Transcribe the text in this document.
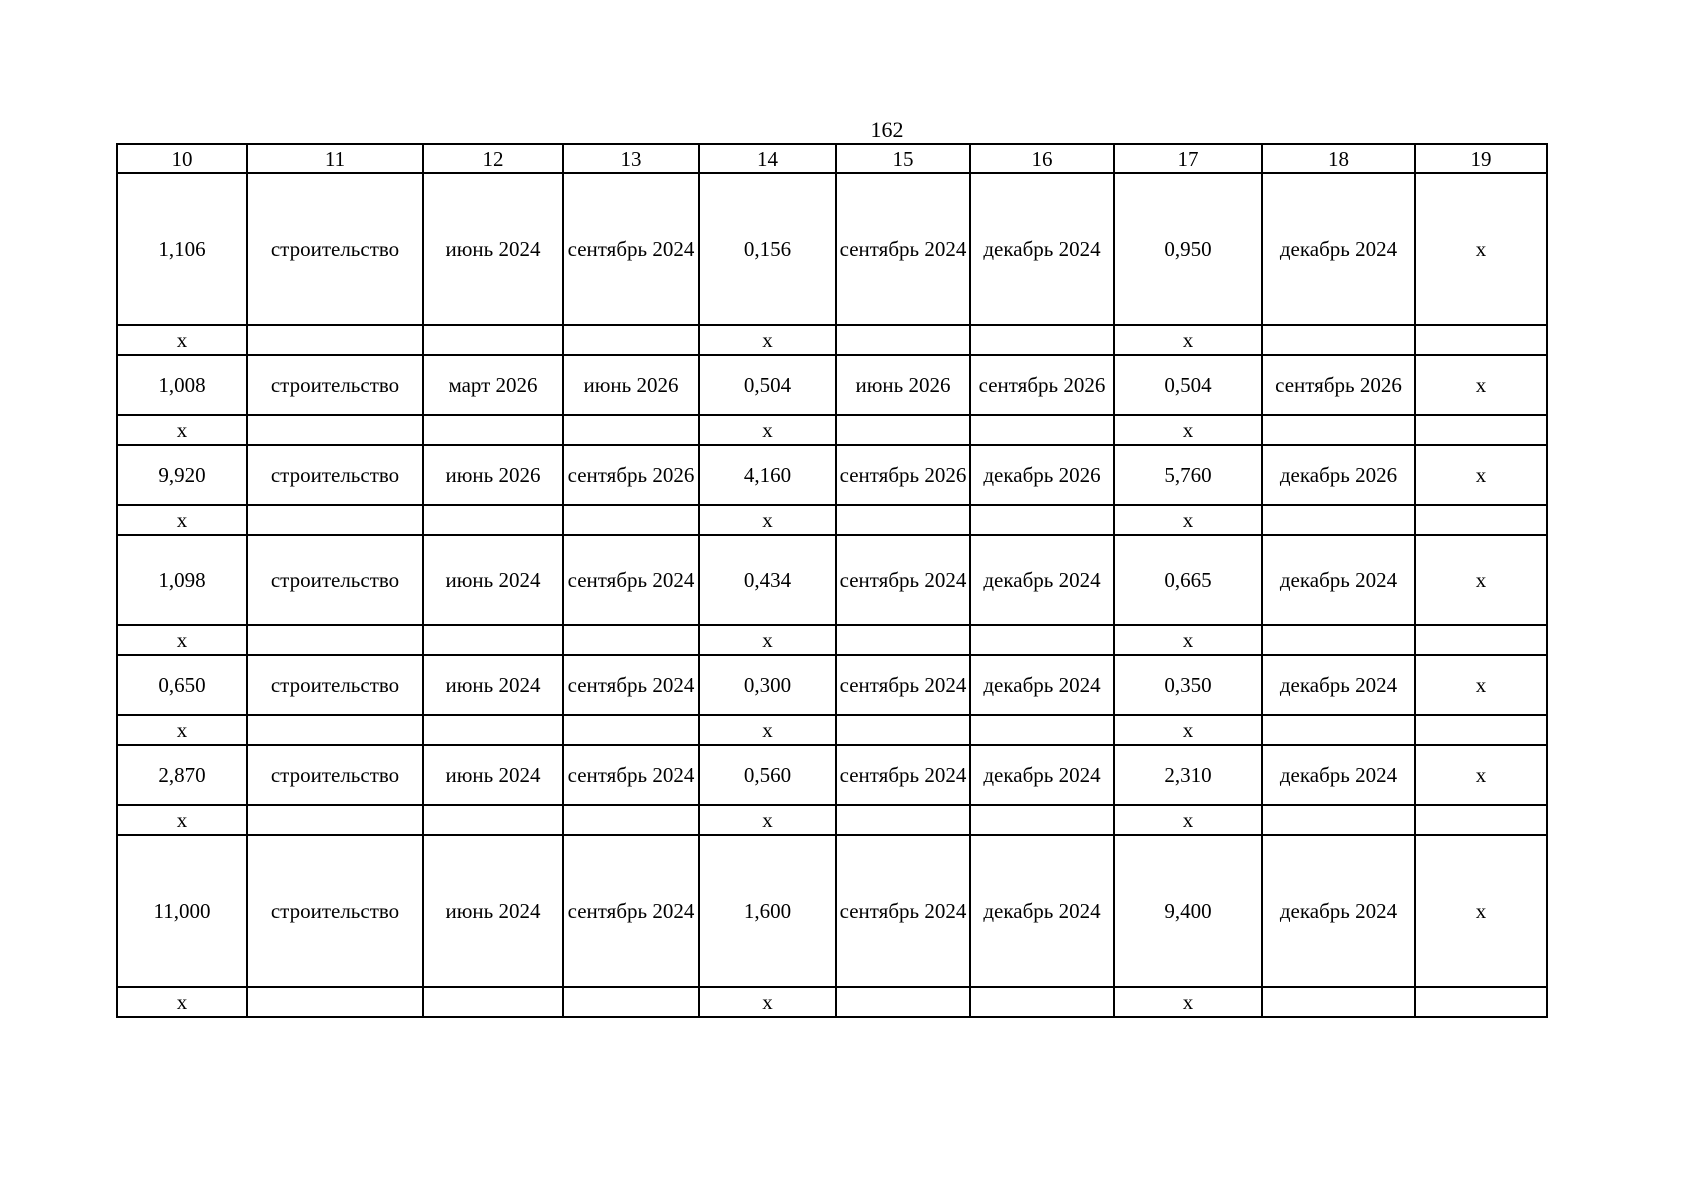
162
10	11	12	13	14	15	16	17	18	19
1,106	строительство	июнь 2024	сентябрь 2024	0,156	сентябрь 2024	декабрь 2024	0,950	декабрь 2024	х
х				х			х		
1,008	строительство	март 2026	июнь 2026	0,504	июнь 2026	сентябрь 2026	0,504	сентябрь 2026	х
х				х			х		
9,920	строительство	июнь 2026	сентябрь 2026	4,160	сентябрь 2026	декабрь 2026	5,760	декабрь 2026	х
х				х			х		
1,098	строительство	июнь 2024	сентябрь 2024	0,434	сентябрь 2024	декабрь 2024	0,665	декабрь 2024	х
х				х			х		
0,650	строительство	июнь 2024	сентябрь 2024	0,300	сентябрь 2024	декабрь 2024	0,350	декабрь 2024	х
х				х			х		
2,870	строительство	июнь 2024	сентябрь 2024	0,560	сентябрь 2024	декабрь 2024	2,310	декабрь 2024	х
х				х			х		
11,000	строительство	июнь 2024	сентябрь 2024	1,600	сентябрь 2024	декабрь 2024	9,400	декабрь 2024	х
х				х			х		
